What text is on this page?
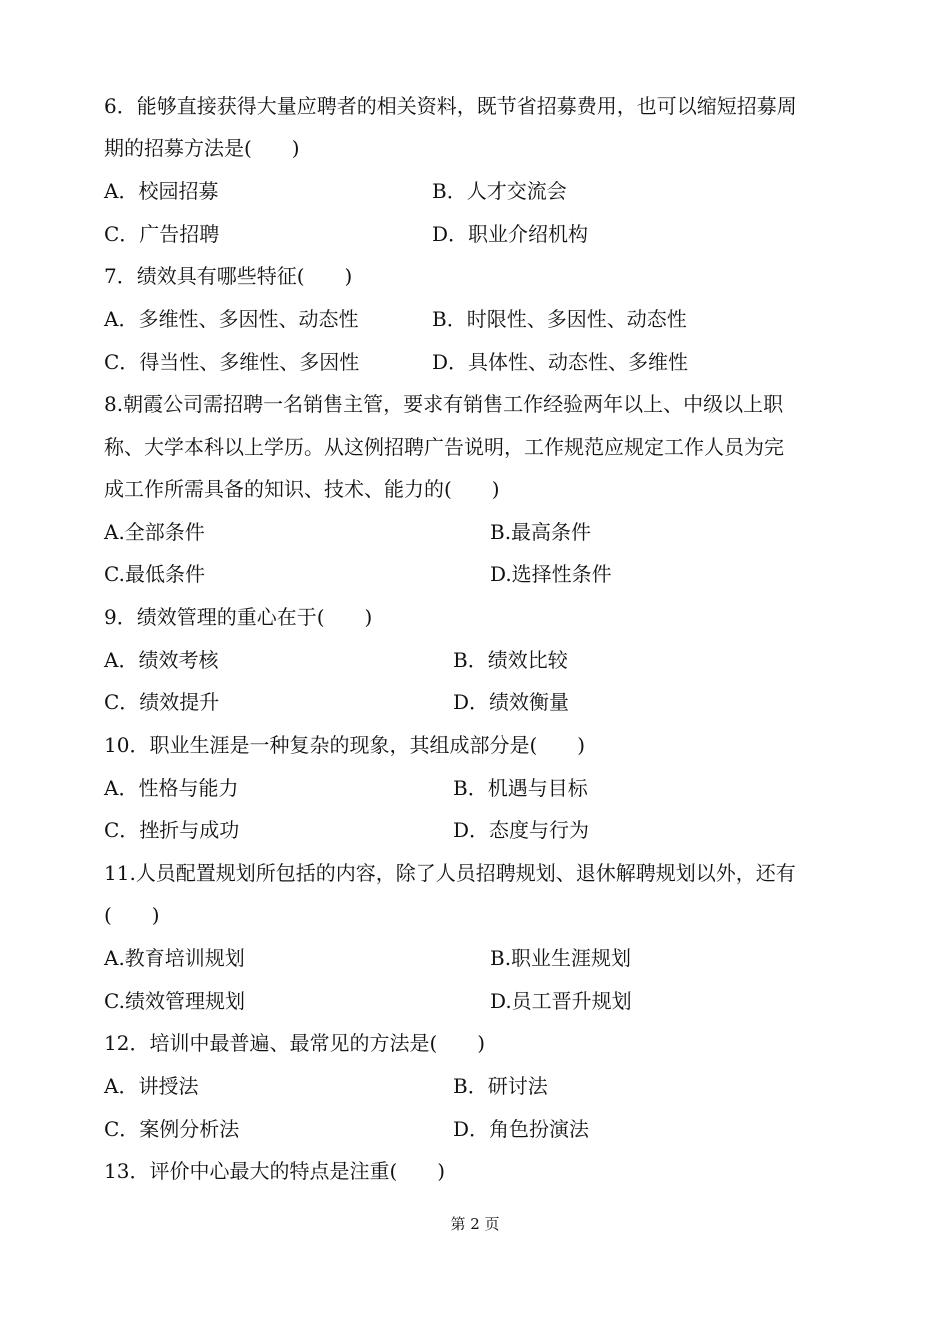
6．能够直接获得大量应聘者的相关资料，既节省招募费用，也可以缩短招募周
期的招募方法是(　　)
A．校园招募	B．人才交流会
C．广告招聘	D．职业介绍机构
7．绩效具有哪些特征(　　)
A．多维性、多因性、动态性	B．时限性、多因性、动态性
C．得当性、多维性、多因性	D．具体性、动态性、多维性
8.朝霞公司需招聘一名销售主管，要求有销售工作经验两年以上、中级以上职
称、大学本科以上学历。从这例招聘广告说明，工作规范应规定工作人员为完
成工作所需具备的知识、技术、能力的(　　)
A.全部条件	B.最高条件
C.最低条件	D.选择性条件
9．绩效管理的重心在于(　　)
A．绩效考核	B．绩效比较
C．绩效提升	D．绩效衡量
10．职业生涯是一种复杂的现象，其组成部分是(　　)
A．性格与能力	B．机遇与目标
C．挫折与成功	D．态度与行为
11.人员配置规划所包括的内容，除了人员招聘规划、退休解聘规划以外，还有
(　　)
A.教育培训规划	B.职业生涯规划
C.绩效管理规划	D.员工晋升规划
12．培训中最普遍、最常见的方法是(　　)
A．讲授法	B．研讨法
C．案例分析法	D．角色扮演法
13．评价中心最大的特点是注重(　　)
第 2 页
